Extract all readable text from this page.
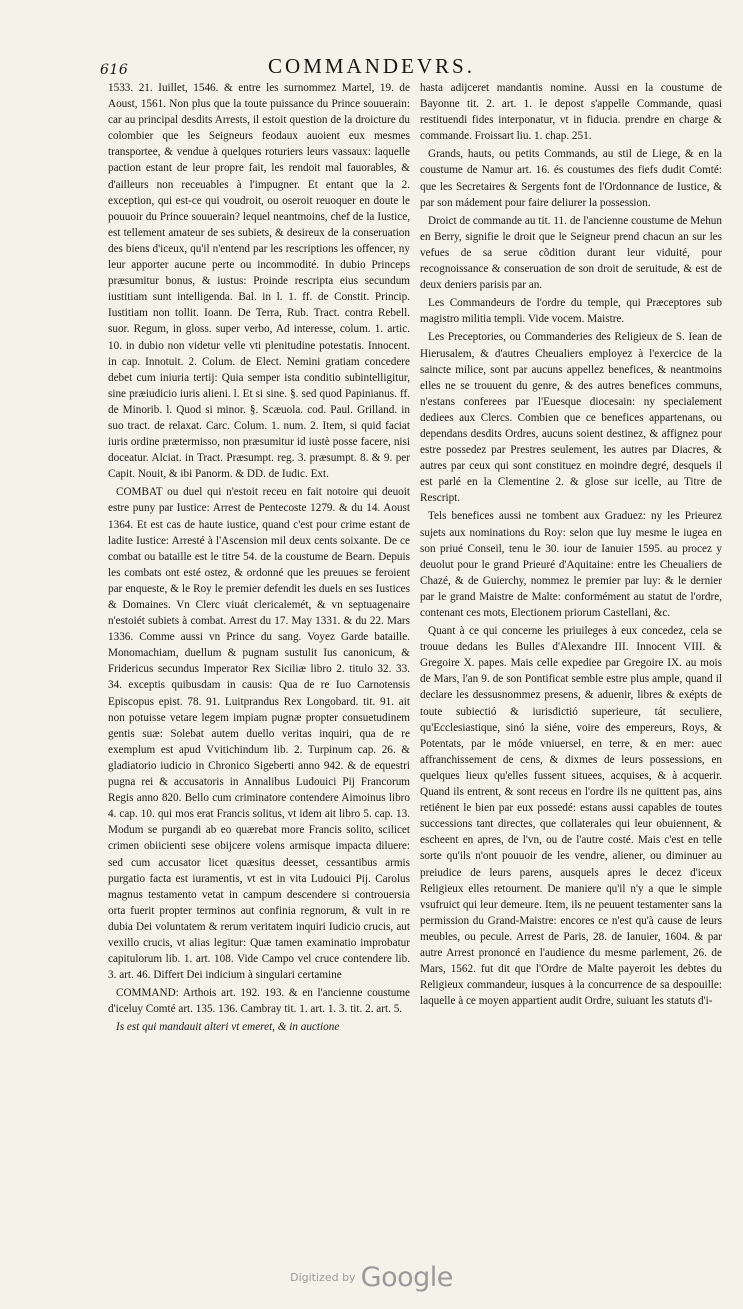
616	COMMANDEVRS.

1533. 21. Iuillet, 1546. & entre les surnommez Martel, 19. de Aoust, 1561. Non plus que la toute puissance du Prince souuerain: car au principal desdits Arrests, il estoit question de la droicture du colombier que les Seigneurs feodaux auoient eux mesmes transportee, & vendue à quelques roturiers leurs vassaux: laquelle paction estant de leur propre fait, les rendoit mal fauorables, & d'ailleurs non receuables à l'impugner. Et entant que la 2. exception, qui est-ce qui voudroit, ou oseroit reuoquer en doute le pouuoir du Prince souuerain? lequel neantmoins, chef de la Iustice, est tellement amateur de ses subiets, & desireux de la conseruation des biens d'iceux, qu'il n'entend par les rescriptions les offencer, ny leur apporter aucune perte ou incommodité. In dubio Princeps præsumitur bonus, & iustus: Proinde rescripta eius secundum iustitiam sunt intelligenda. Bal. in l. 1. ff. de Constit. Princip. Iustitiam non tollit. Ioann. De Terra, Rub. Tract. contra Rebell. suor. Regum, in gloss. super verbo, Ad interesse, colum. 1. artic. 10. in dubio non videtur velle vti plenitudine potestatis. Innocent. in cap. Innotuit. 2. Colum. de Elect. Nemini gratiam concedere debet cum iniuria tertij: Quia semper ista conditio subintelligitur, sine præiudicio iuris alieni. l. Et si sine. §. sed quod Papinianus. ff. de Minorib. l. Quod si minor. §. Scæuola. cod. Paul. Grilland. in suo tract. de relaxat. Carc. Colum. 1. num. 2. Item, si quid faciat iuris ordine prætermisso, non præsumitur id iustè posse facere, nisi doceatur. Alciat. in Tract. Præsumpt. reg. 3. præsumpt. 8. & 9. per Capit. Nouit, & ibi Panorm. & DD. de Iudic. Ext.

COMBAT ou duel qui n'estoit receu en fait notoire qui deuoit estre puny par Iustice: Arrest de Pentecoste 1279. & du 14. Aoust 1364. Et est cas de haute iustice, quand c'est pour crime estant de ladite Iustice: Arresté à l'Ascension mil deux cents soixante. De ce combat ou bataille est le titre 54. de la coustume de Bearn. Depuis les combats ont esté ostez, & ordonné que les preuues se feroient par enqueste, & le Roy le premier defendit les duels en ses Iustices & Domaines. Vn Clerc viuát clericalemét, & vn septuagenaire n'estoiét subiets à combat. Arrest du 17. May 1331. & du 22. Mars 1336. Comme aussi vn Prince du sang. Voyez Garde bataille. Monomachiam, duellum & pugnam sustulit Ius canonicum, & Fridericus secundus Imperator Rex Siciliæ libro 2. titulo 32. 33. 34. exceptis quibusdam in causis: Qua de re Iuo Carnotensis Episcopus epist. 78. 91. Luitprandus Rex Longobard. tit. 91. ait non potuisse vetare legem impiam pugnæ propter consuetudinem gentis suæ: Solebat autem duello veritas inquiri, qua de re exemplum est apud Vvitichindum lib. 2. Turpinum cap. 26. & gladiatorio iudicio in Chronico Sigeberti anno 942. & de equestri pugna rei & accusatoris in Annalibus Ludouici Pij Francorum Regis anno 820. Bello cum criminatore contendere Aimoinus libro 4. cap. 10. qui mos erat Francis solitus, vt idem ait libro 5. cap. 13. Modum se purgandi ab eo quærebat more Francis solito, scilicet crimen obiicienti sese obijcere volens armisque impacta diluere: sed cum accusator licet quæsitus deesset, cessantibus armis purgatio facta est iuramentis, vt est in vita Ludouici Pij. Carolus magnus testamento vetat in campum descendere si controuersia orta fuerit propter terminos aut confinia regnorum, & vult in re dubia Dei voluntatem & rerum veritatem inquiri Iudicio crucis, aut vexillo crucis, vt alias legitur: Quæ tamen examinatio improbatur capitulorum lib. 1. art. 108. Vide Campo vel cruce contendere lib. 3. art. 46. Differt Dei indicium à singulari certamine

COMMAND: Arthois art. 192. 193. & en l'ancienne coustume d'iceluy Comté art. 135. 136. Cambray tit. 1. art. 1. 3. tit. 2. art. 5.

Is est qui mandauit alteri vt emeret, & in auctione

hasta adijceret mandantis nomine. Aussi en la coustume de Bayonne tit. 2. art. 1. le depost s'appelle Commande, quasi restituendi fides interponatur, vt in fiducia. prendre en charge & commande. Froissart liu. 1. chap. 251.

Grands, hauts, ou petits Commands, au stil de Liege, & en la coustume de Namur art. 16. és coustumes des fiefs dudit Comté: que les Secretaires & Sergents font de l'Ordonnance de Iustice, & par son mádement pour faire deliurer la possession.

Droict de commande au tit. 11. de l'ancienne coustume de Mehun en Berry, signifie le droit que le Seigneur prend chacun an sur les vefues de sa serue cõdition durant leur viduité, pour recognoissance & conseruation de son droit de seruitude, & est de deux deniers parisis par an.

Les Commandeurs de l'ordre du temple, qui Præceptores sub magistro militia templi. Vide vocem. Maistre.

Les Preceptories, ou Commanderies des Religieux de S. Iean de Hierusalem, & d'autres Cheualiers employez à l'exercice de la saincte milice, sont par aucuns appellez benefices, & neantmoins elles ne se trouuent du genre, & des autres benefices communs, n'estans conferees par l'Euesque diocesain: ny specialement dediees aux Clercs. Combien que ce benefices appartenans, ou dependans desdits Ordres, aucuns soient destinez, & affignez pour estre possedez par Prestres seulement, les autres par Diacres, & autres par ceux qui sont constituez en moindre degré, desquels il est parlé en la Clementine 2. & glose sur icelle, au Titre de Rescript.

Tels benefices aussi ne tombent aux Graduez: ny les Prieurez sujets aux nominations du Roy: selon que luy mesme le iugea en son priué Conseil, tenu le 30. iour de Ianuier 1595. au procez y deuolut pour le grand Prieuré d'Aquitaine: entre les Cheualiers de Chazé, & de Guierchy, nommez le premier par luy: & le dernier par le grand Maistre de Malte: conformément au statut de l'ordre, contenant ces mots, Electionem priorum Castellani, &c.

Quant à ce qui concerne les priuileges à eux concedez, cela se trouue dedans les Bulles d'Alexandre III. Innocent VIII. & Gregoire X. papes. Mais celle expediee par Gregoire IX. au mois de Mars, l'an 9. de son Pontificat semble estre plus ample, quand il declare les dessusnommez presens, & aduenir, libres & exépts de toute subiectió & iurisdictió superieure, tát seculiere, qu'Ecclesiastique, sinó la siéne, voire des empereurs, Roys, & Potentats, par le móde vniuersel, en terre, & en mer: auec affranchissement de cens, & dixmes de leurs possessions, en quelques lieux qu'elles fussent situees, acquises, & à acquerir. Quand ils entrent, & sont receus en l'ordre ils ne quittent pas, ains retiénent le bien par eux possedé: estans aussi capables de toutes successions tant directes, que collaterales qui leur obuiennent, & escheent en apres, de l'vn, ou de l'autre costé. Mais c'est en telle sorte qu'ils n'ont pouuoir de les vendre, aliener, ou diminuer au preiudice de leurs parens, ausquels apres le decez d'iceux Religieux elles retournent. De maniere qu'il n'y a que le simple vsufruict qui leur demeure. Item, ils ne peuuent testamenter sans la permission du Grand-Maistre: encores ce n'est qu'à cause de leurs meubles, ou pecule. Arrest de Paris, 28. de Ianuier, 1604. & par autre Arrest prononcé en l'audience du mesme parlement, 26. de Mars, 1562. fut dit que l'Ordre de Malte payeroit les debtes du Religieux commandeur, iusques à la concurrence de sa despouille: laquelle à ce moyen appartient audit Ordre, suiuant les statuts d'i-

Digitized by Google
